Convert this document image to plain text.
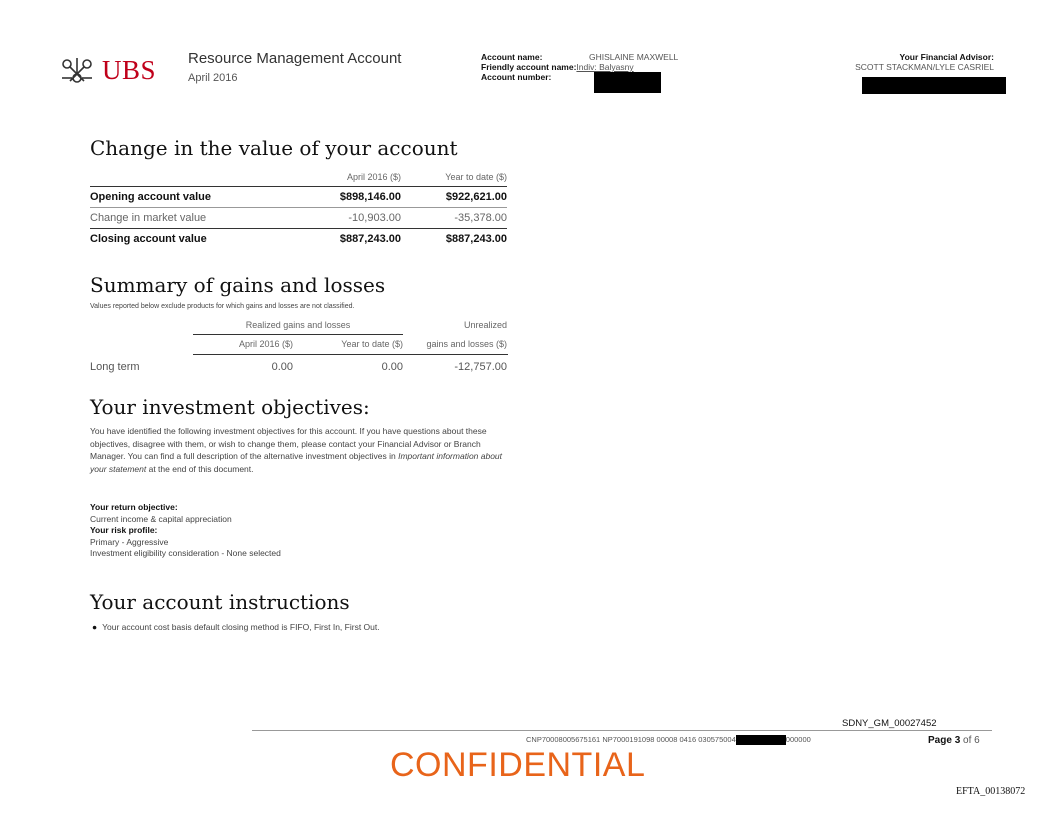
UBS Resource Management Account
April 2016
Account name:	GHISLAINE MAXWELL
Friendly account name: Indiv: Balyasny
Account number:
Your Financial Advisor:
SCOTT STACKMAN/LYLE CASRIEL
Change in the value of your account
	April 2016 ($)	Year to date ($)
Opening account value	$898,146.00	$922,621.00
Change in market value	-10,903.00	-35,378.00
Closing account value	$887,243.00	$887,243.00
Summary of gains and losses
Values reported below exclude products for which gains and losses are not classified.
Realized gains and losses	Unrealized
April 2016 ($)	Year to date ($)	gains and losses ($)
Long term	0.00	0.00	-12,757.00
Your investment objectives:
You have identified the following investment objectives for this account. If you have questions about these objectives, disagree with them, or wish to change them, please contact your Financial Advisor or Branch Manager. You can find a full description of the alternative investment objectives in Important information about your statement at the end of this document.
Your return objective:
Current income & capital appreciation
Your risk profile:
Primary - Aggressive
Investment eligibility consideration - None selected
Your account instructions
● Your account cost basis default closing method is FIFO, First In, First Out.
SDNY_GM_00027452
CNP70008005675161 NP7000191098 00008 0416 030575004	000000	Page 3 of 6
CONFIDENTIAL
EFTA_00138072
